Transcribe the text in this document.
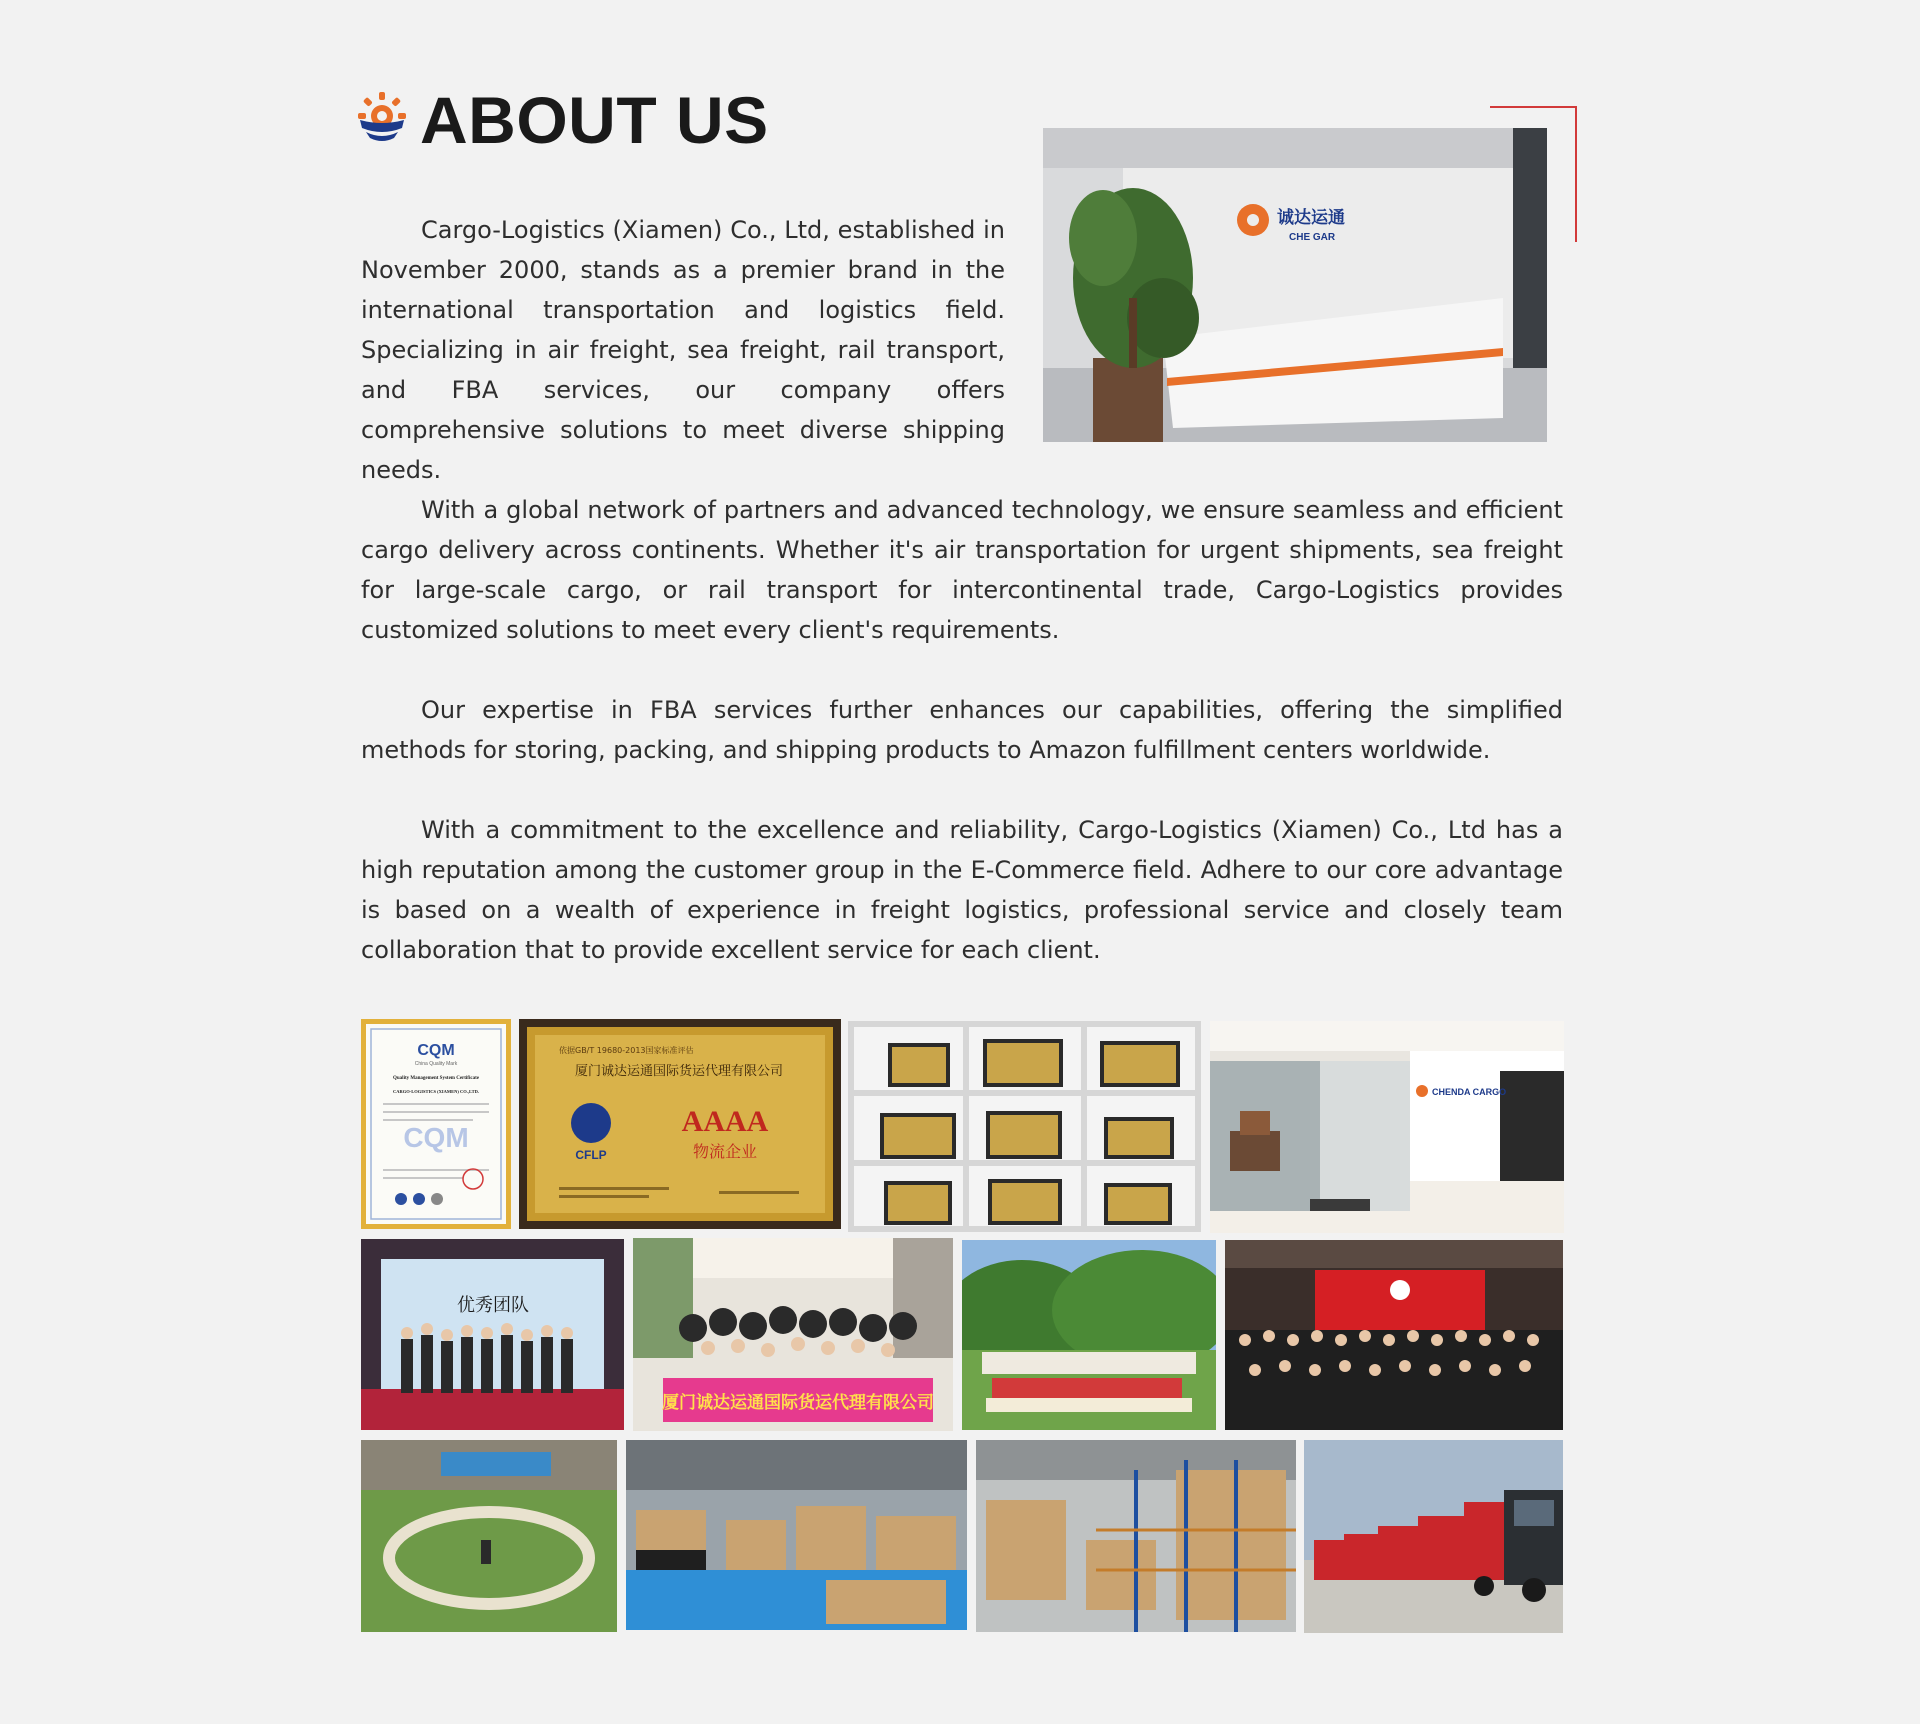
ABOUT US

Cargo-Logistics (Xiamen) Co., Ltd, established in November 2000, stands as a premier brand in the international transportation and logistics field. Specializing in air freight, sea freight, rail transport, and FBA services, our company offers comprehensive solutions to meet diverse shipping needs.

With a global network of partners and advanced technology, we ensure seamless and efficient cargo delivery across continents. Whether it's air transportation for urgent shipments, sea freight for large-scale cargo, or rail transport for intercontinental trade, Cargo-Logistics provides customized solutions to meet every client's requirements.

Our expertise in FBA services further enhances our capabilities, offering the simplified methods for storing, packing, and shipping products to Amazon fulfillment centers worldwide.

With a commitment to the excellence and reliability, Cargo-Logistics (Xiamen) Co., Ltd has a high reputation among the customer group in the E-Commerce field. Adhere to our core advantage is based on a wealth of experience in freight logistics, professional service and closely team collaboration that to provide excellent service for each client.

诚达运通
CHE GAR
CQM
China Quality Mark
Quality Management System Certificate
CARGO-LOGISTICS (XIAMEN) CO.,LTD.
CQM
依据GB/T 19680-2013国家标准评估
厦门诚达运通国际货运代理有限公司
CFLP
AAAA
物流企业
CHENDA CARGO
优秀团队
厦门诚达运通国际货运代理有限公司
